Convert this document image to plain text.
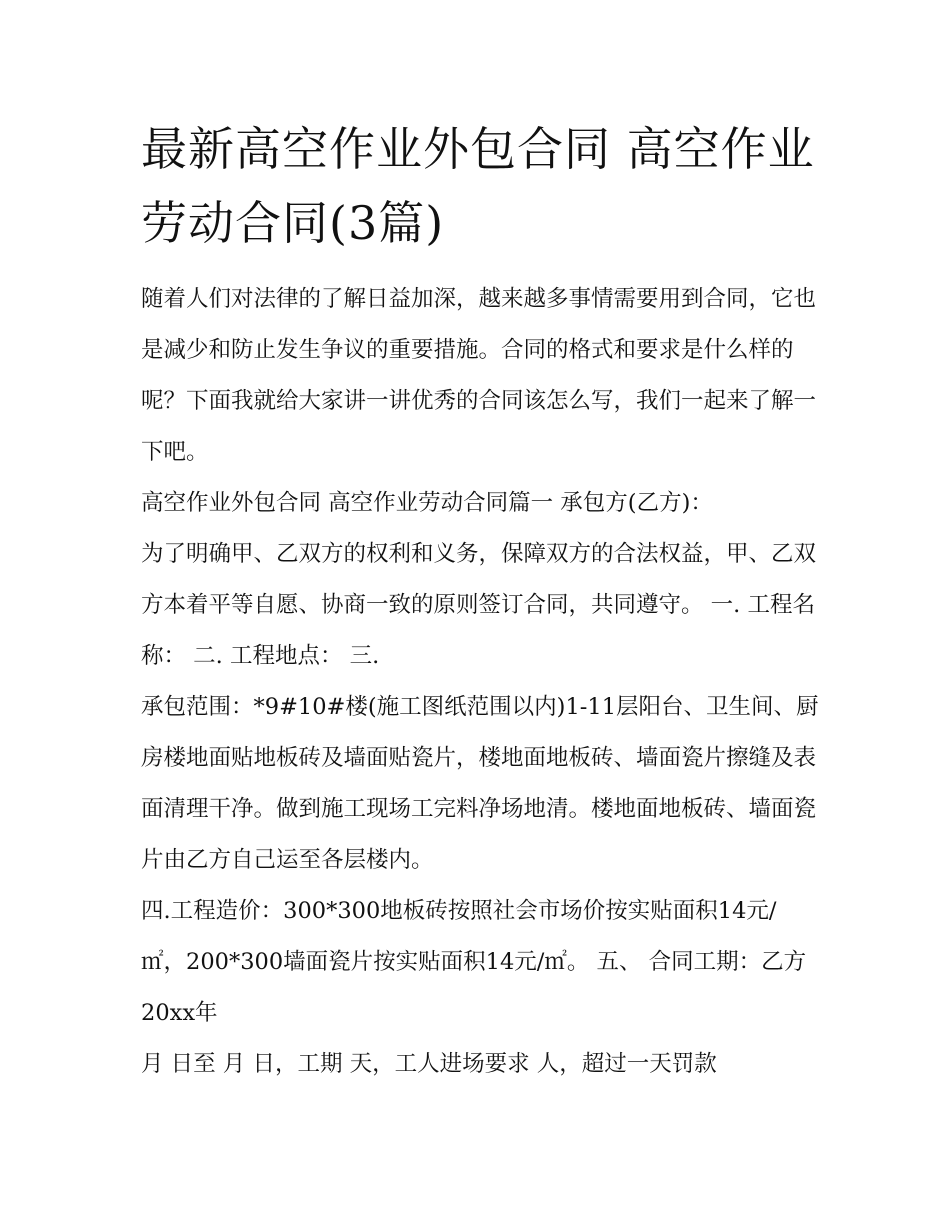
最新高空作业外包合同 高空作业劳动合同(3篇)

随着人们对法律的了解日益加深，越来越多事情需要用到合同，它也是减少和防止发生争议的重要措施。合同的格式和要求是什么样的呢？下面我就给大家讲一讲优秀的合同该怎么写，我们一起来了解一下吧。

高空作业外包合同 高空作业劳动合同篇一 承包方(乙方)：

为了明确甲、乙双方的权利和义务，保障双方的合法权益，甲、乙双方本着平等自愿、协商一致的原则签订合同，共同遵守。 一. 工程名称： 二. 工程地点： 三.

承包范围：*9#10#楼(施工图纸范围以内)1-11层阳台、卫生间、厨房楼地面贴地板砖及墙面贴瓷片，楼地面地板砖、墙面瓷片擦缝及表面清理干净。做到施工现场工完料净场地清。楼地面地板砖、墙面瓷片由乙方自己运至各层楼内。

四.工程造价：300*300地板砖按照社会市场价按实贴面积14元/㎡，200*300墙面瓷片按实贴面积14元/㎡。 五、 合同工期：乙方20xx年

月 日至 月 日，工期 天，工人进场要求 人，超过一天罚款
